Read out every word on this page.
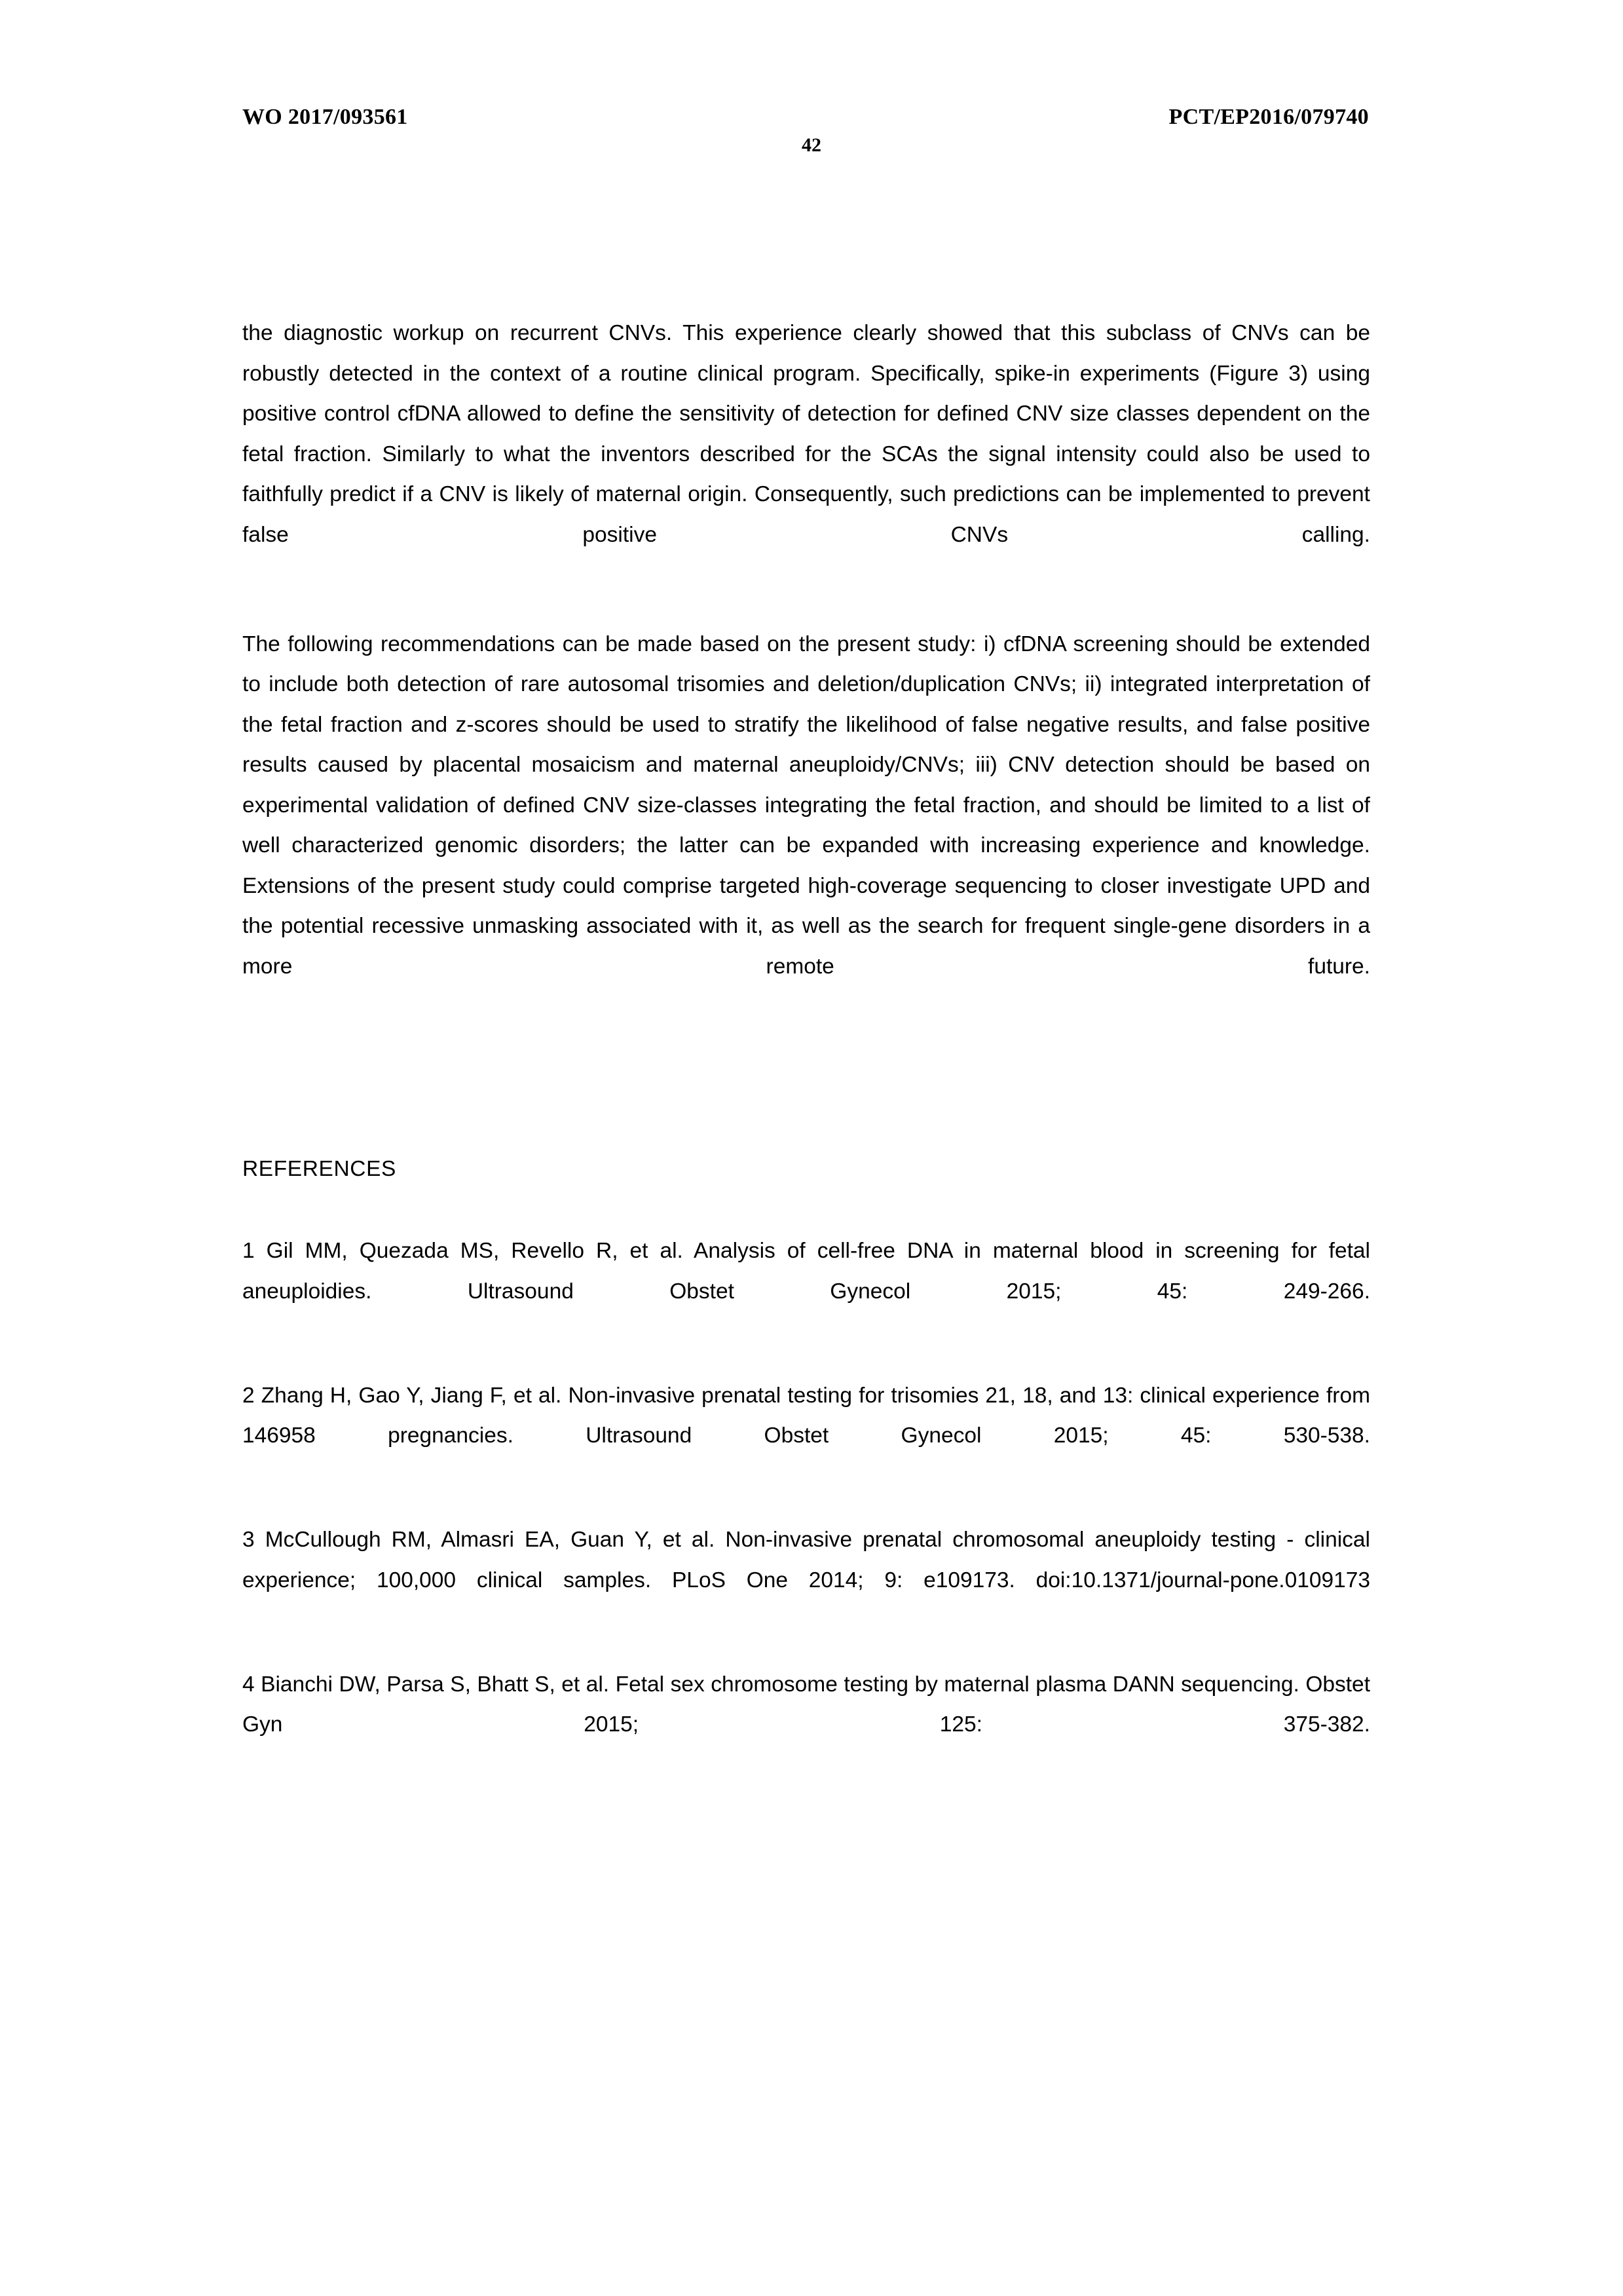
WO 2017/093561	PCT/EP2016/079740
42

the diagnostic workup on recurrent CNVs. This experience clearly showed that this subclass of CNVs can be robustly detected in the context of a routine clinical program. Specifically, spike-in experiments (Figure 3) using positive control cfDNA allowed to define the sensitivity of detection for defined CNV size classes dependent on the fetal fraction. Similarly to what the inventors described for the SCAs the signal intensity could also be used to faithfully predict if a CNV is likely of maternal origin. Consequently, such predictions can be implemented to prevent false positive CNVs calling.

The following recommendations can be made based on the present study: i) cfDNA screening should be extended to include both detection of rare autosomal trisomies and deletion/duplication CNVs; ii) integrated interpretation of the fetal fraction and z-scores should be used to stratify the likelihood of false negative results, and false positive results caused by placental mosaicism and maternal aneuploidy/CNVs; iii) CNV detection should be based on experimental validation of defined CNV size-classes integrating the fetal fraction, and should be limited to a list of well characterized genomic disorders; the latter can be expanded with increasing experience and knowledge. Extensions of the present study could comprise targeted high-coverage sequencing to closer investigate UPD and the potential recessive unmasking associated with it, as well as the search for frequent single-gene disorders in a more remote future.

REFERENCES

1 Gil MM, Quezada MS, Revello R, et al. Analysis of cell-free DNA in maternal blood in screening for fetal aneuploidies. Ultrasound Obstet Gynecol 2015; 45: 249-266.

2 Zhang H, Gao Y, Jiang F, et al. Non-invasive prenatal testing for trisomies 21, 18, and 13: clinical experience from 146958 pregnancies. Ultrasound Obstet Gynecol 2015; 45: 530-538.

3 McCullough RM, Almasri EA, Guan Y, et al. Non-invasive prenatal chromosomal aneuploidy testing - clinical experience; 100,000 clinical samples. PLoS One 2014; 9: e109173. doi:10.1371/journal-pone.0109173

4 Bianchi DW, Parsa S, Bhatt S, et al. Fetal sex chromosome testing by maternal plasma DANN sequencing. Obstet Gyn 2015; 125: 375-382.
